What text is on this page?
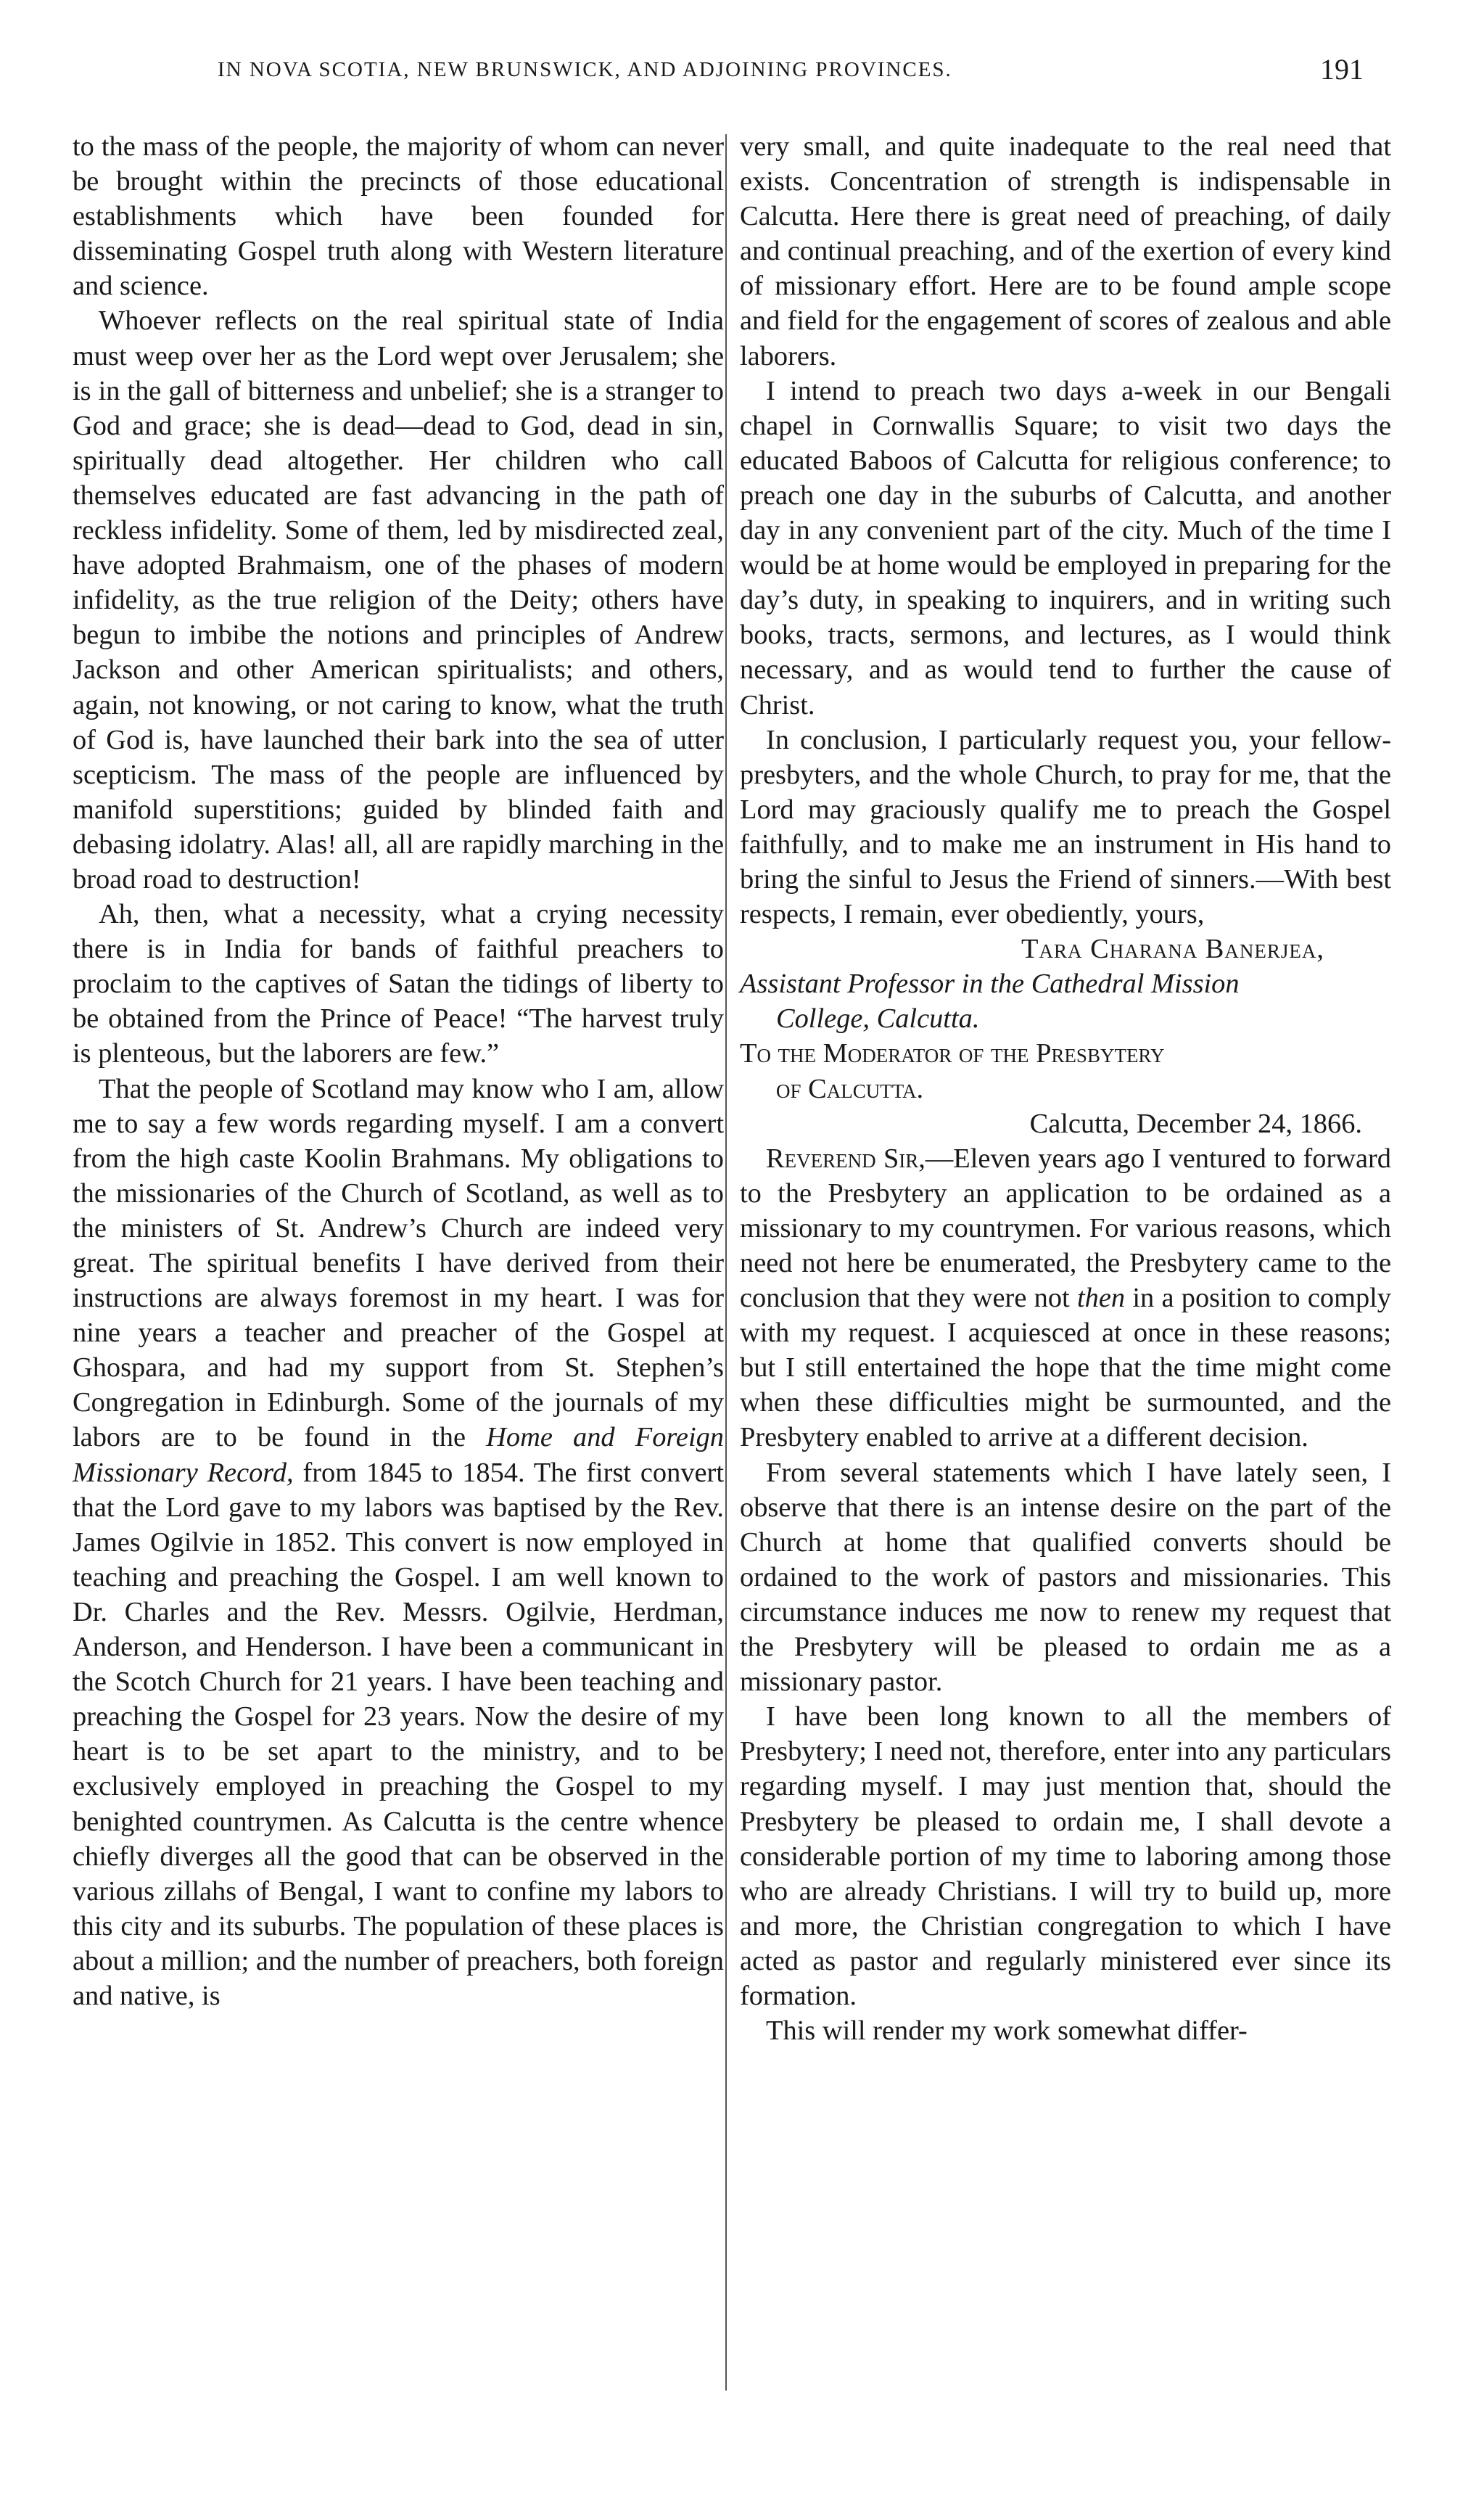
IN NOVA SCOTIA, NEW BRUNSWICK, AND ADJOINING PROVINCES.	191

to the mass of the people, the majority of whom can never be brought within the precincts of those educational establishments which have been founded for disseminating Gospel truth along with Western literature and science.

Whoever reflects on the real spiritual state of India must weep over her as the Lord wept over Jerusalem; she is in the gall of bitterness and unbelief; she is a stranger to God and grace; she is dead—dead to God, dead in sin, spiritually dead altogether. Her children who call themselves educated are fast advancing in the path of reckless infidelity. Some of them, led by misdirected zeal, have adopted Brahmaism, one of the phases of modern infidelity, as the true religion of the Deity; others have begun to imbibe the notions and principles of Andrew Jackson and other American spiritualists; and others, again, not knowing, or not caring to know, what the truth of God is, have launched their bark into the sea of utter scepticism. The mass of the people are influenced by manifold superstitions; guided by blinded faith and debasing idolatry. Alas! all, all are rapidly marching in the broad road to destruction!

Ah, then, what a necessity, what a crying necessity there is in India for bands of faithful preachers to proclaim to the captives of Satan the tidings of liberty to be obtained from the Prince of Peace! “The harvest truly is plenteous, but the laborers are few.”

That the people of Scotland may know who I am, allow me to say a few words regarding myself. I am a convert from the high caste Koolin Brahmans. My obligations to the missionaries of the Church of Scotland, as well as to the ministers of St. Andrew’s Church are indeed very great. The spiritual benefits I have derived from their instructions are always foremost in my heart. I was for nine years a teacher and preacher of the Gospel at Ghospara, and had my support from St. Stephen’s Congregation in Edinburgh. Some of the journals of my labors are to be found in the Home and Foreign Missionary Record, from 1845 to 1854. The first convert that the Lord gave to my labors was baptised by the Rev. James Ogilvie in 1852. This convert is now employed in teaching and preaching the Gospel. I am well known to Dr. Charles and the Rev. Messrs. Ogilvie, Herdman, Anderson, and Henderson. I have been a communicant in the Scotch Church for 21 years. I have been teaching and preaching the Gospel for 23 years. Now the desire of my heart is to be set apart to the ministry, and to be exclusively employed in preaching the Gospel to my benighted countrymen. As Calcutta is the centre whence chiefly diverges all the good that can be observed in the various zillahs of Bengal, I want to confine my labors to this city and its suburbs. The population of these places is about a million; and the number of preachers, both foreign and native, is

very small, and quite inadequate to the real need that exists. Concentration of strength is indispensable in Calcutta. Here there is great need of preaching, of daily and continual preaching, and of the exertion of every kind of missionary effort. Here are to be found ample scope and field for the engagement of scores of zealous and able laborers.

I intend to preach two days a-week in our Bengali chapel in Cornwallis Square; to visit two days the educated Baboos of Calcutta for religious conference; to preach one day in the suburbs of Calcutta, and another day in any convenient part of the city. Much of the time I would be at home would be employed in preparing for the day’s duty, in speaking to inquirers, and in writing such books, tracts, sermons, and lectures, as I would think necessary, and as would tend to further the cause of Christ.

In conclusion, I particularly request you, your fellow-presbyters, and the whole Church, to pray for me, that the Lord may graciously qualify me to preach the Gospel faithfully, and to make me an instrument in His hand to bring the sinful to Jesus the Friend of sinners.—With best respects, I remain, ever obediently, yours,

Tara Charana Banerjea,

Assistant Professor in the Cathedral Mission

College, Calcutta.

To the Moderator of the Presbytery

of Calcutta.

Calcutta, December 24, 1866.

Reverend Sir,—Eleven years ago I ventured to forward to the Presbytery an application to be ordained as a missionary to my countrymen. For various reasons, which need not here be enumerated, the Presbytery came to the conclusion that they were not then in a position to comply with my request. I acquiesced at once in these reasons; but I still entertained the hope that the time might come when these difficulties might be surmounted, and the Presbytery enabled to arrive at a different decision.

From several statements which I have lately seen, I observe that there is an intense desire on the part of the Church at home that qualified converts should be ordained to the work of pastors and missionaries. This circumstance induces me now to renew my request that the Presbytery will be pleased to ordain me as a missionary pastor.

I have been long known to all the members of Presbytery; I need not, therefore, enter into any particulars regarding myself. I may just mention that, should the Presbytery be pleased to ordain me, I shall devote a considerable portion of my time to laboring among those who are already Christians. I will try to build up, more and more, the Christian congregation to which I have acted as pastor and regularly ministered ever since its formation.

This will render my work somewhat differ-
